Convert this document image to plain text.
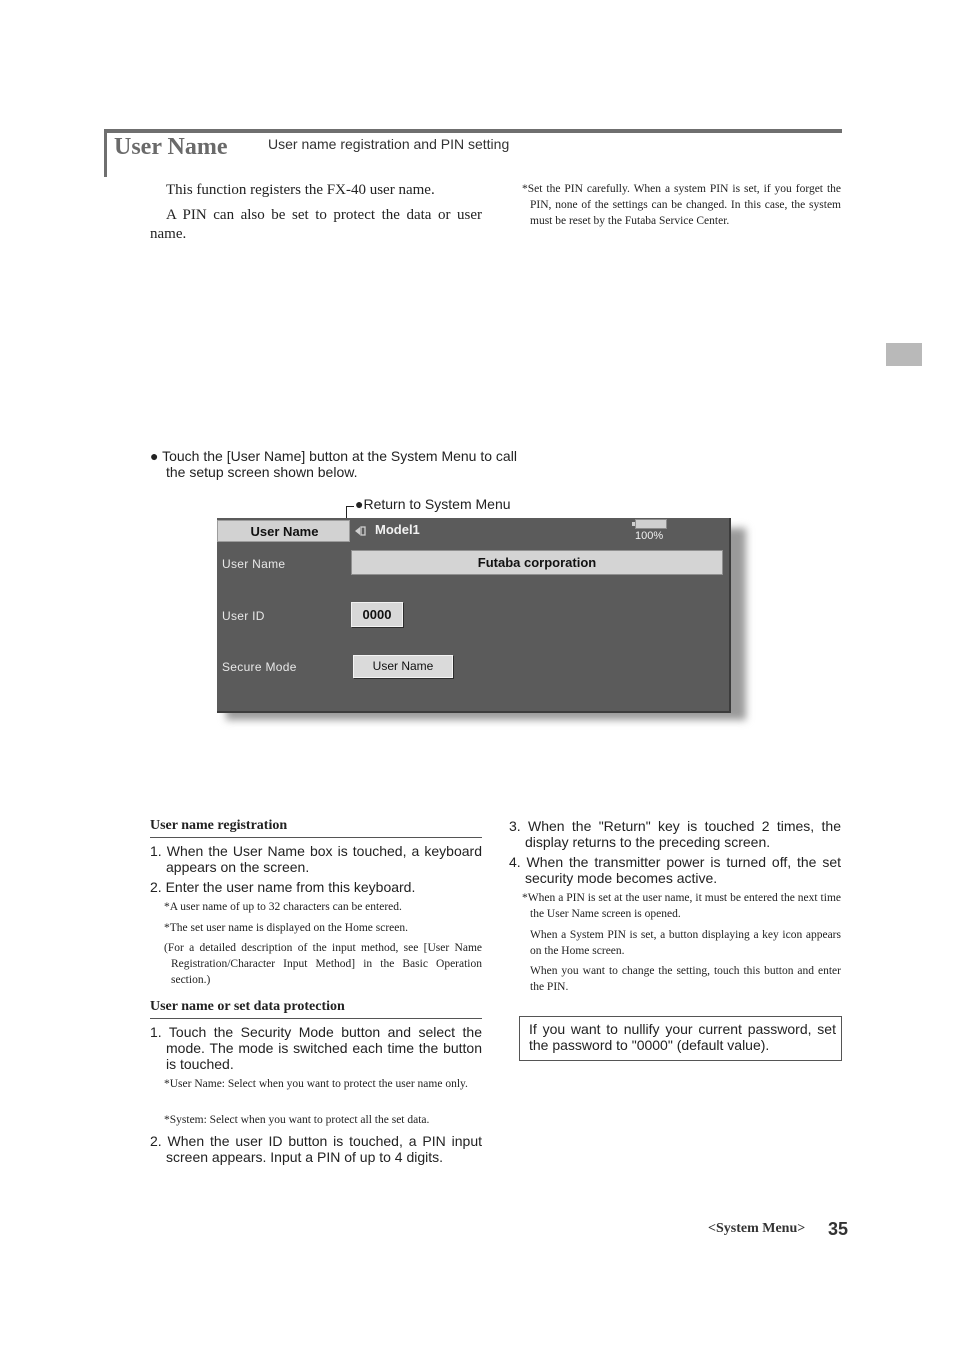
User Name	User name registration and PIN setting
This function registers the FX-40 user name.
A PIN can also be set to protect the data or user name.
*Set the PIN carefully. When a system PIN is set, if you forget the PIN, none of the settings can be changed. In this case, the system must be reset by the Futaba Service Center.
● Touch the [User Name] button at the System Menu to call the setup screen shown below.
●Return to System Menu
User Name	Model1	100%
User Name	Futaba corporation
User ID	0000
Secure Mode	User Name
User name registration
1. When the User Name box is touched, a keyboard appears on the screen.
2. Enter the user name from this keyboard.
*A user name of up to 32 characters can be entered.
*The set user name is displayed on the Home screen.
(For a detailed description of the input method, see [User Name Registration/Character Input Method] in the Basic Operation section.)
User name or set data protection
1. Touch the Security Mode button and select the mode. The mode is switched each time the button is touched.
*User Name: Select when you want to protect the user name only.
*System: Select when you want to protect all the set data.
2. When the user ID button is touched, a PIN input screen appears. Input a PIN of up to 4 digits.
3. When the "Return" key is touched 2 times, the display returns to the preceding screen.
4. When the transmitter power is turned off, the set security mode becomes active.
*When a PIN is set at the user name, it must be entered the next time the User Name screen is opened.
When a System PIN is set, a button displaying a key icon appears on the Home screen.
When you want to change the setting, touch this button and enter the PIN.
If you want to nullify your current password, set the password to "0000" (default value).
<System Menu> 35
